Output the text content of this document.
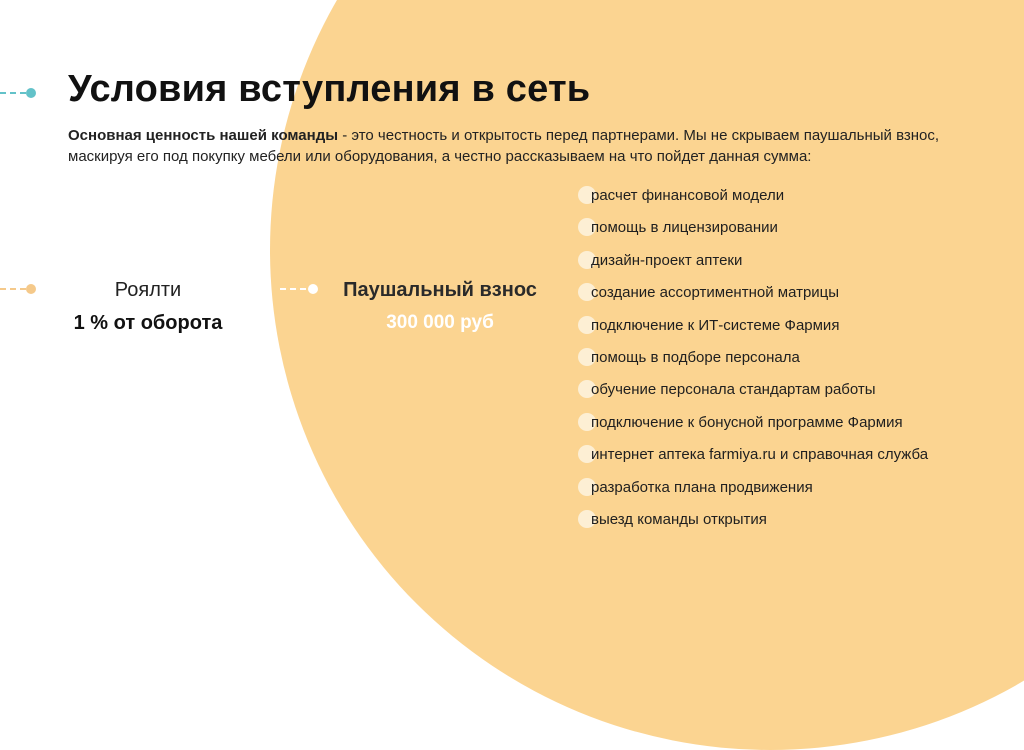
Условия вступления в сеть

Основная ценность нашей команды - это честность и открытость перед партнерами. Мы не скрываем паушальный взнос, маскируя его под покупку мебели или оборудования, а честно рассказываем на что пойдет данная сумма:

Роялти
1 % от оборота
Паушальный взнос
300 000 руб
расчет финансовой модели
помощь в лицензировании
дизайн-проект аптеки
создание ассортиментной матрицы
подключение к ИТ-системе Фармия
помощь в подборе персонала
обучение персонала стандартам работы
подключение к бонусной программе Фармия
интернет аптека farmiya.ru и справочная служба
разработка плана продвижения
выезд команды открытия
